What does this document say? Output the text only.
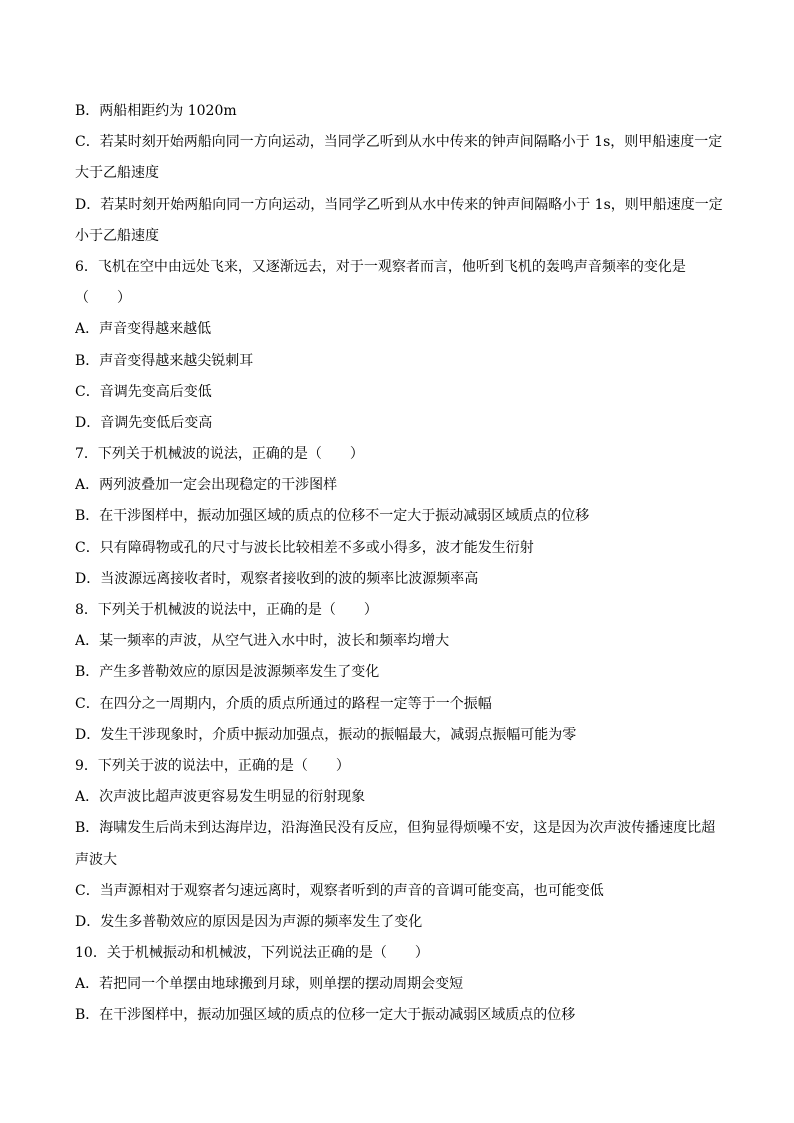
B．两船相距约为 1020m
C．若某时刻开始两船向同一方向运动，当同学乙听到从水中传来的钟声间隔略小于 1s，则甲船速度一定
大于乙船速度
D．若某时刻开始两船向同一方向运动，当同学乙听到从水中传来的钟声间隔略小于 1s，则甲船速度一定
小于乙船速度
6．飞机在空中由远处飞来，又逐渐远去，对于一观察者而言，他听到飞机的轰鸣声音频率的变化是
（　　）
A．声音变得越来越低
B．声音变得越来越尖锐刺耳
C．音调先变高后变低
D．音调先变低后变高
7．下列关于机械波的说法，正确的是（　　）
A．两列波叠加一定会出现稳定的干涉图样
B．在干涉图样中，振动加强区域的质点的位移不一定大于振动减弱区域质点的位移
C．只有障碍物或孔的尺寸与波长比较相差不多或小得多，波才能发生衍射
D．当波源远离接收者时，观察者接收到的波的频率比波源频率高
8．下列关于机械波的说法中，正确的是（　　）
A．某一频率的声波，从空气进入水中时，波长和频率均增大
B．产生多普勒效应的原因是波源频率发生了变化
C．在四分之一周期内，介质的质点所通过的路程一定等于一个振幅
D．发生干涉现象时，介质中振动加强点，振动的振幅最大，减弱点振幅可能为零
9．下列关于波的说法中，正确的是（　　）
A．次声波比超声波更容易发生明显的衍射现象
B．海啸发生后尚未到达海岸边，沿海渔民没有反应，但狗显得烦噪不安，这是因为次声波传播速度比超
声波大
C．当声源相对于观察者匀速远离时，观察者听到的声音的音调可能变高，也可能变低
D．发生多普勒效应的原因是因为声源的频率发生了变化
10．关于机械振动和机械波，下列说法正确的是（　　）
A．若把同一个单摆由地球搬到月球，则单摆的摆动周期会变短
B．在干涉图样中，振动加强区域的质点的位移一定大于振动减弱区域质点的位移
